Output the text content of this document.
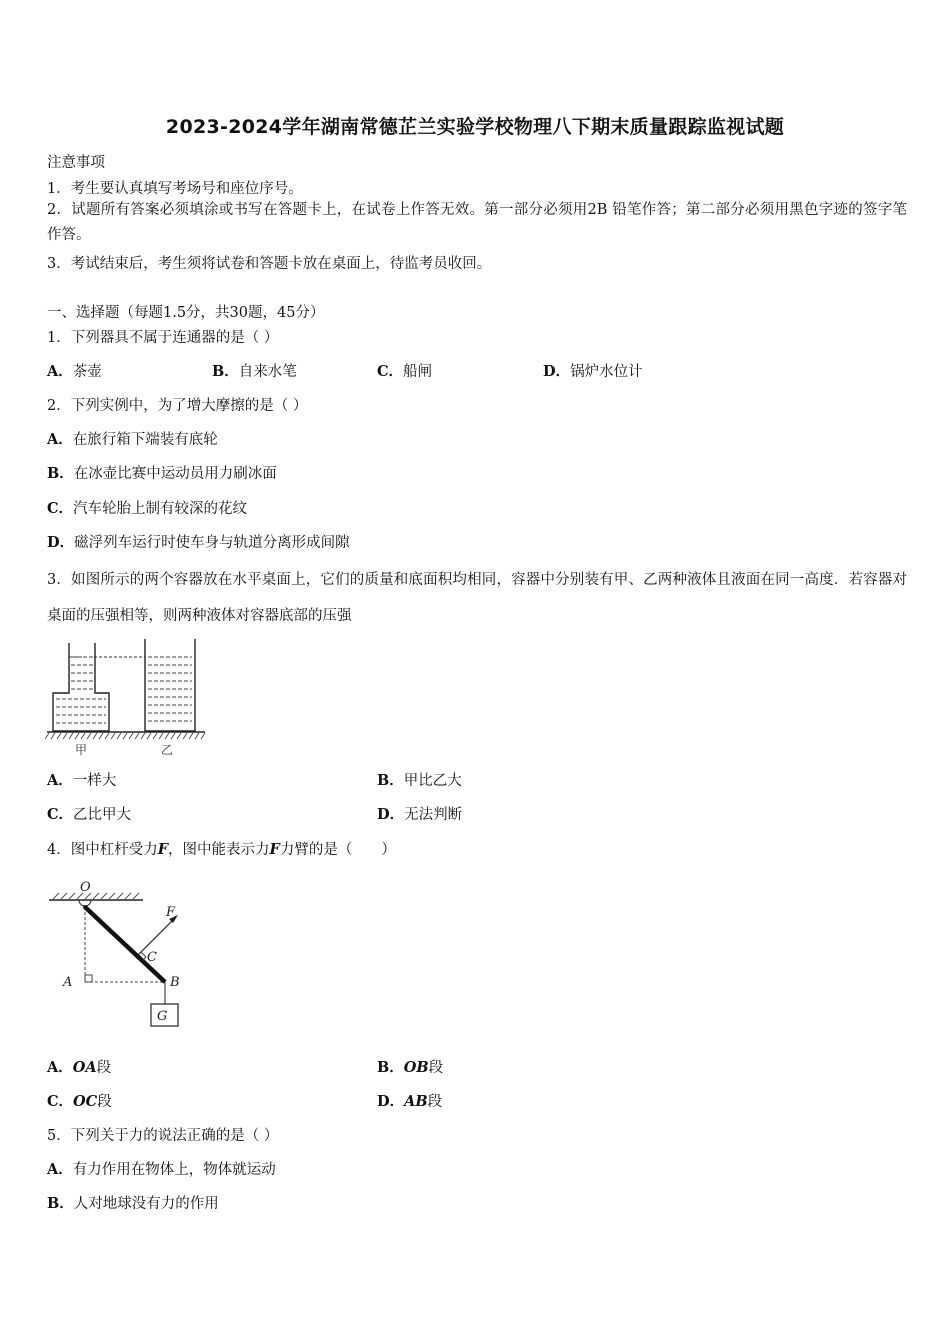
2023-2024学年湖南常德芷兰实验学校物理八下期末质量跟踪监视试题
注意事项
1．考生要认真填写考场号和座位序号。
2．试题所有答案必须填涂或书写在答题卡上，在试卷上作答无效。第一部分必须用2B 铅笔作答；第二部分必须用黑色字迹的签字笔作答。
3．考试结束后，考生须将试卷和答题卡放在桌面上，待监考员收回。
一、选择题（每题1.5分，共30题，45分）
1．下列器具不属于连通器的是（ ）
A．茶壶	B．自来水笔	C．船闸	D．锅炉水位计
2．下列实例中，为了增大摩擦的是（ ）
A．在旅行箱下端装有底轮
B．在冰壶比赛中运动员用力刷冰面
C．汽车轮胎上制有较深的花纹
D．磁浮列车运行时使车身与轨道分离形成间隙
3．如图所示的两个容器放在水平桌面上，它们的质量和底面积均相同，容器中分别装有甲、乙两种液体且液面在同一高度．若容器对桌面的压强相等，则两种液体对容器底部的压强
甲	乙
A．一样大	B．甲比乙大
C．乙比甲大	D．无法判断
4．图中杠杆受力F，图中能表示力F力臂的是（　　）
O
A	B
F
C
G
A．OA段	B．OB段
C．OC段	D．AB段
5．下列关于力的说法正确的是（ ）
A．有力作用在物体上，物体就运动
B．人对地球没有力的作用
